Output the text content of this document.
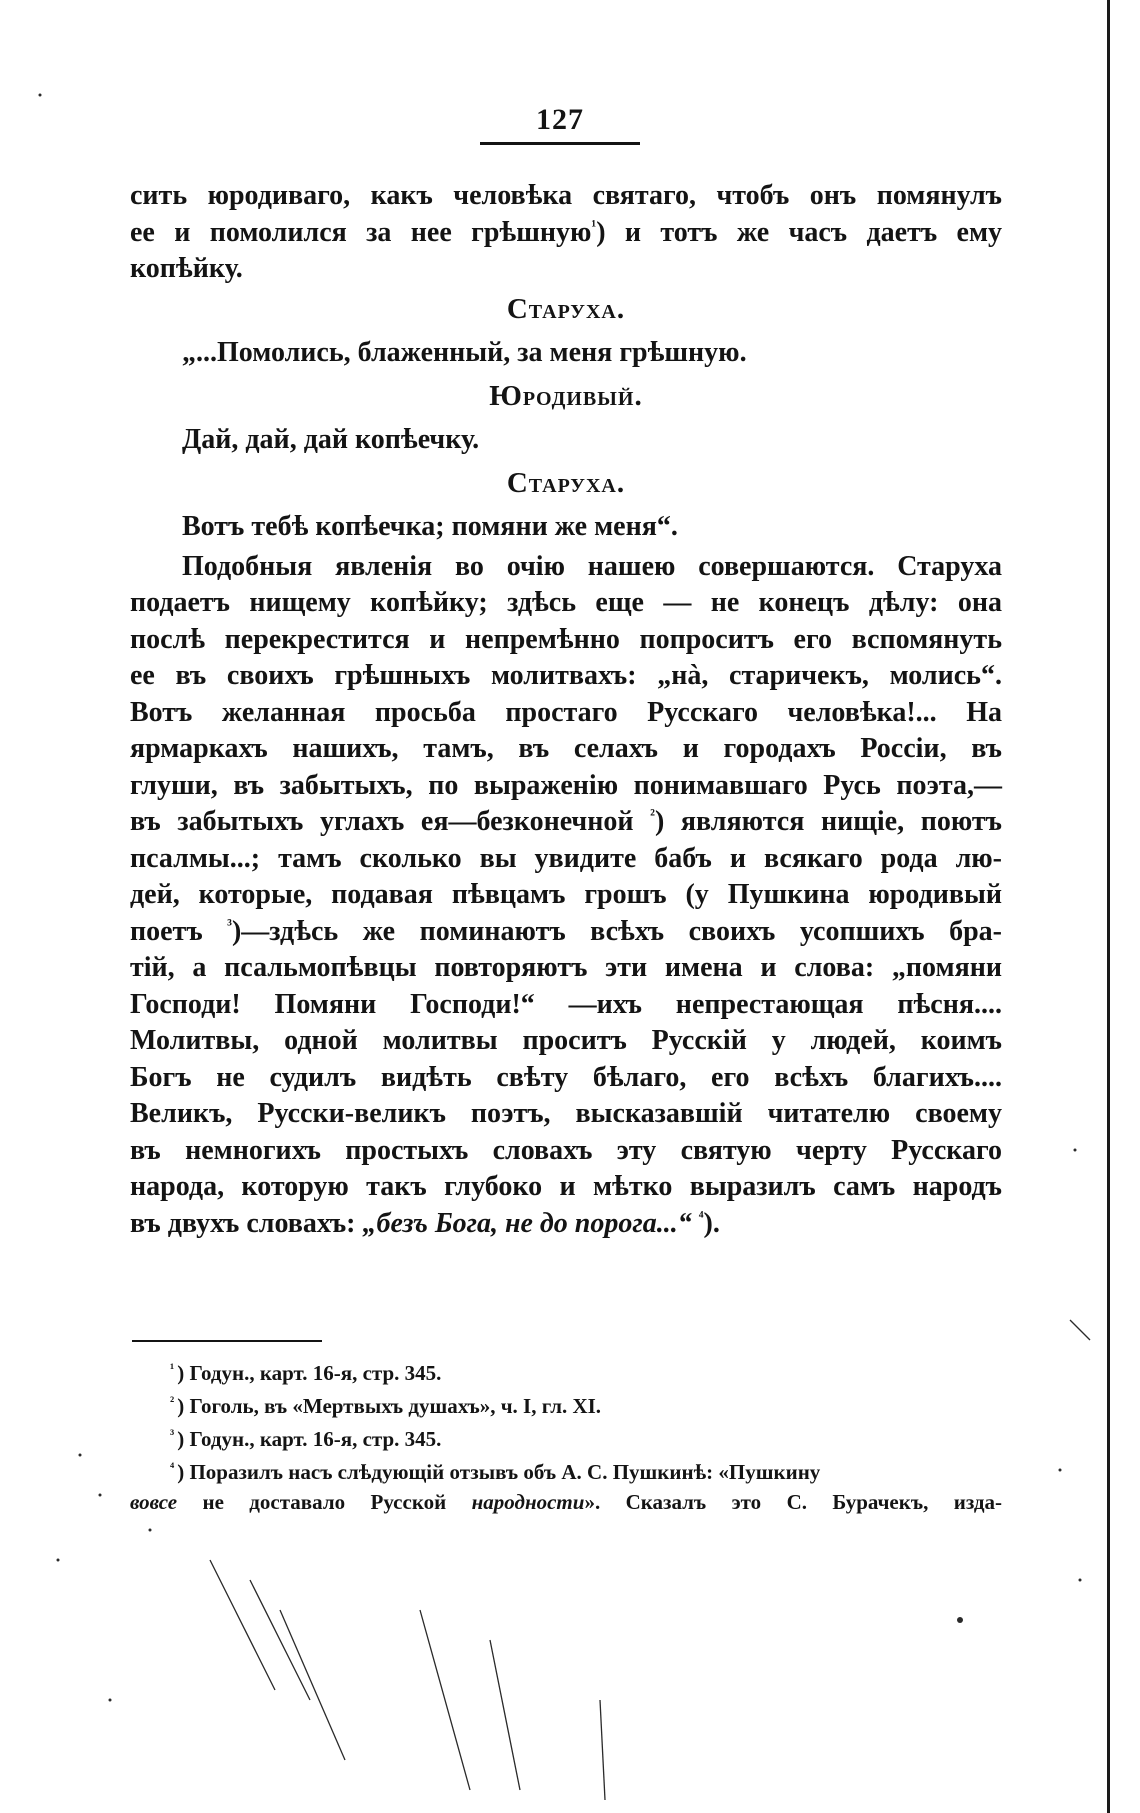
127
сить юродиваго, какъ человѣка святаго, чтобъ онъ помянулъ
ее и помолился за нее грѣшную$^{^1}$) и тотъ же часъ даетъ ему
копѣйку.
Старуха.
„...Помолись, блаженный, за меня грѣшную.
Юродивый.
Дай, дай, дай копѣечку.
Старуха.
Вотъ тебѣ копѣечка; помяни же меня“.
Подобныя явленія во очію нашею совершаются. Старуха
подаетъ нищему копѣйку; здѣсь еще — не конецъ дѣлу: она
послѣ перекрестится и непремѣнно попроситъ его вспомянуть
ее въ своихъ грѣшныхъ молитвахъ: „нà, старичекъ, молись“.
Вотъ желанная просьба простаго Русскаго человѣка!... На
ярмаркахъ нашихъ, тамъ, въ селахъ и городахъ Россіи, въ
глуши, въ забытыхъ, по выраженію понимавшаго Русь поэта,—
въ забытыхъ углахъ ея—безконечной $^{^2}$) являются нищіе, поютъ
псалмы...; тамъ сколько вы увидите бабъ и всякаго рода лю-
дей, которые, подавая пѣвцамъ грошъ (у Пушкина юродивый
поетъ $^{^3}$)—здѣсь же поминаютъ всѣхъ своихъ усопшихъ бра-
тій, а псальмопѣвцы повторяютъ эти имена и слова: „помяни
Господи! Помяни Господи!“ —ихъ непрестающая пѣсня....
Молитвы, одной молитвы проситъ Русскій у людей, коимъ
Богъ не судилъ видѣть свѣту бѣлаго, его всѣхъ благихъ....
Великъ, Русски-великъ поэтъ, высказавшій читателю своему
въ немногихъ простыхъ словахъ эту святую черту Русскаго
народа, которую такъ глубоко и мѣтко выразилъ самъ народъ
въ двухъ словахъ: „безъ Бога, не до порога...“ $^{^4}$).
$^{^1}$ ) Годун., карт. 16-я, стр. 345.
$^{^2}$ ) Гоголь, въ «Мертвыхъ душахъ», ч. I, гл. XI.
$^{^3}$ ) Годун., карт. 16-я, стр. 345.
$^{^4}$ ) Поразилъ насъ слѣдующій отзывъ объ А. С. Пушкинѣ: «Пушкину
вовсе не доставало Русской народности». Сказалъ это С. Бурачекъ, изда-
